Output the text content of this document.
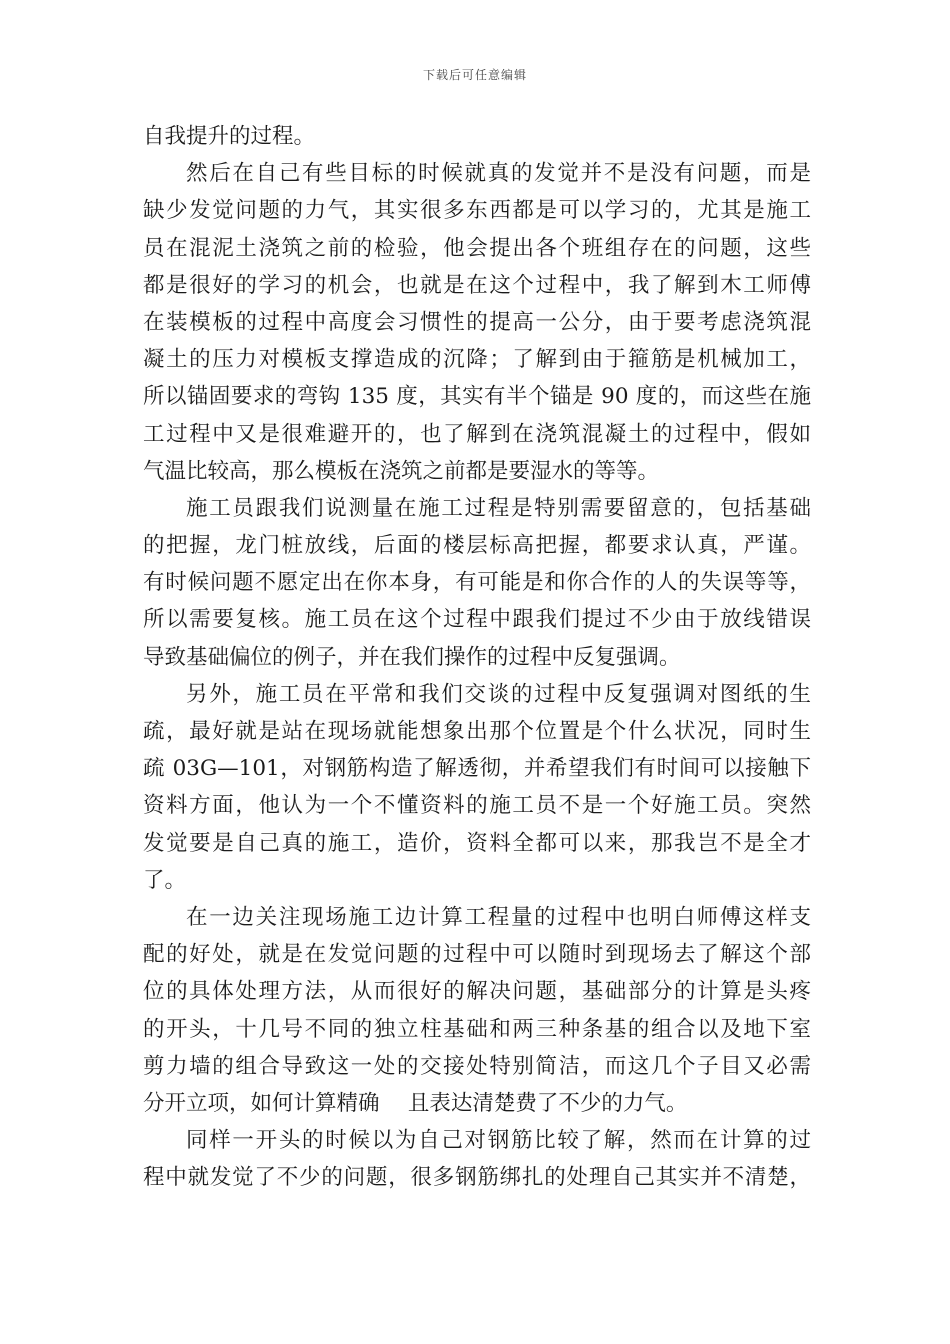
下载后可任意编辑
自我提升的过程。
然后在自己有些目标的时候就真的发觉并不是没有问题，而是
缺少发觉问题的力气，其实很多东西都是可以学习的，尤其是施工
员在混泥土浇筑之前的检验，他会提出各个班组存在的问题，这些
都是很好的学习的机会，也就是在这个过程中，我了解到木工师傅
在装模板的过程中高度会习惯性的提高一公分，由于要考虑浇筑混
凝土的压力对模板支撑造成的沉降；了解到由于箍筋是机械加工，
所以锚固要求的弯钩 135 度，其实有半个锚是 90 度的，而这些在施
工过程中又是很难避开的，也了解到在浇筑混凝土的过程中，假如
气温比较高，那么模板在浇筑之前都是要湿水的等等。
施工员跟我们说测量在施工过程是特别需要留意的，包括基础
的把握，龙门桩放线，后面的楼层标高把握，都要求认真，严谨。
有时候问题不愿定出在你本身，有可能是和你合作的人的失误等等，
所以需要复核。施工员在这个过程中跟我们提过不少由于放线错误
导致基础偏位的例子，并在我们操作的过程中反复强调。
另外，施工员在平常和我们交谈的过程中反复强调对图纸的生
疏，最好就是站在现场就能想象出那个位置是个什么状况，同时生
疏 03G—101，对钢筋构造了解透彻，并希望我们有时间可以接触下
资料方面，他认为一个不懂资料的施工员不是一个好施工员。突然
发觉要是自己真的施工，造价，资料全都可以来，那我岂不是全才
了。
在一边关注现场施工边计算工程量的过程中也明白师傅这样支
配的好处，就是在发觉问题的过程中可以随时到现场去了解这个部
位的具体处理方法，从而很好的解决问题，基础部分的计算是头疼
的开头，十几号不同的独立柱基础和两三种条基的组合以及地下室
剪力墙的组合导致这一处的交接处特别简洁，而这几个子目又必需
分开立项，如何计算精确　 且表达清楚费了不少的力气。
同样一开头的时候以为自己对钢筋比较了解，然而在计算的过
程中就发觉了不少的问题，很多钢筋绑扎的处理自己其实并不清楚，
